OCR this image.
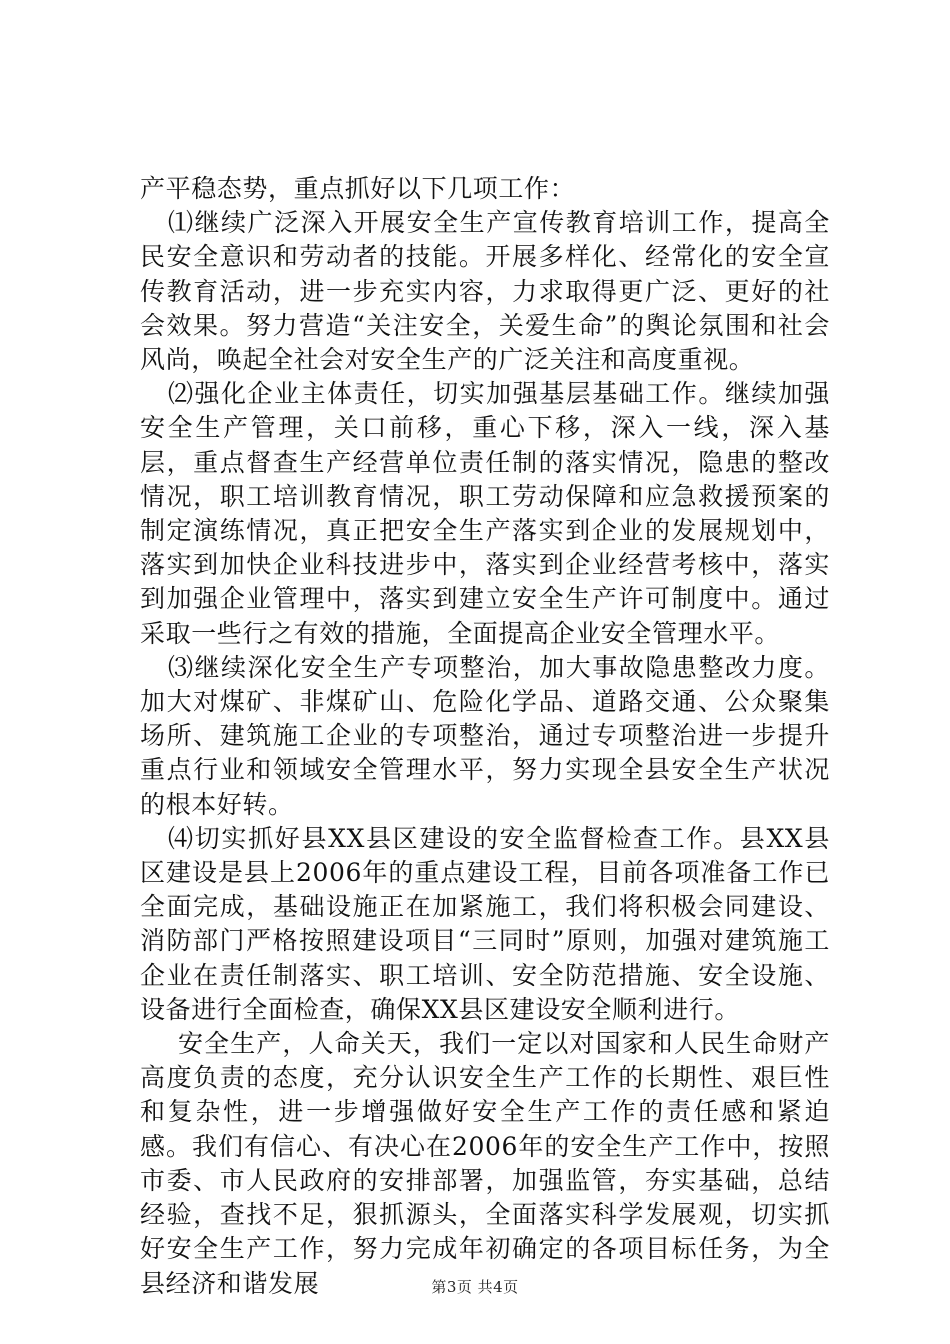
产平稳态势，重点抓好以下几项工作：

⑴继续广泛深入开展安全生产宣传教育培训工作，提高全民安全意识和劳动者的技能。开展多样化、经常化的安全宣传教育活动，进一步充实内容，力求取得更广泛、更好的社会效果。努力营造“关注安全，关爱生命”的舆论氛围和社会风尚，唤起全社会对安全生产的广泛关注和高度重视。

⑵强化企业主体责任，切实加强基层基础工作。继续加强安全生产管理，关口前移，重心下移，深入一线，深入基层，重点督查生产经营单位责任制的落实情况，隐患的整改情况，职工培训教育情况，职工劳动保障和应急救援预案的制定演练情况，真正把安全生产落实到企业的发展规划中，落实到加快企业科技进步中，落实到企业经营考核中，落实到加强企业管理中，落实到建立安全生产许可制度中。通过采取一些行之有效的措施，全面提高企业安全管理水平。

⑶继续深化安全生产专项整治，加大事故隐患整改力度。加大对煤矿、非煤矿山、危险化学品、道路交通、公众聚集场所、建筑施工企业的专项整治，通过专项整治进一步提升重点行业和领域安全管理水平，努力实现全县安全生产状况的根本好转。

⑷切实抓好县XX县区建设的安全监督检查工作。县XX县区建设是县上2006年的重点建设工程，目前各项准备工作已全面完成，基础设施正在加紧施工，我们将积极会同建设、消防部门严格按照建设项目“三同时”原则，加强对建筑施工企业在责任制落实、职工培训、安全防范措施、安全设施、设备进行全面检查，确保XX县区建设安全顺利进行。

安全生产，人命关天，我们一定以对国家和人民生命财产高度负责的态度，充分认识安全生产工作的长期性、艰巨性和复杂性，进一步增强做好安全生产工作的责任感和紧迫感。我们有信心、有决心在2006年的安全生产工作中，按照市委、市人民政府的安排部署，加强监管，夯实基础，总结经验，查找不足，狠抓源头，全面落实科学发展观，切实抓好安全生产工作，努力完成年初确定的各项目标任务，为全县经济和谐发展	第3页 共4页
